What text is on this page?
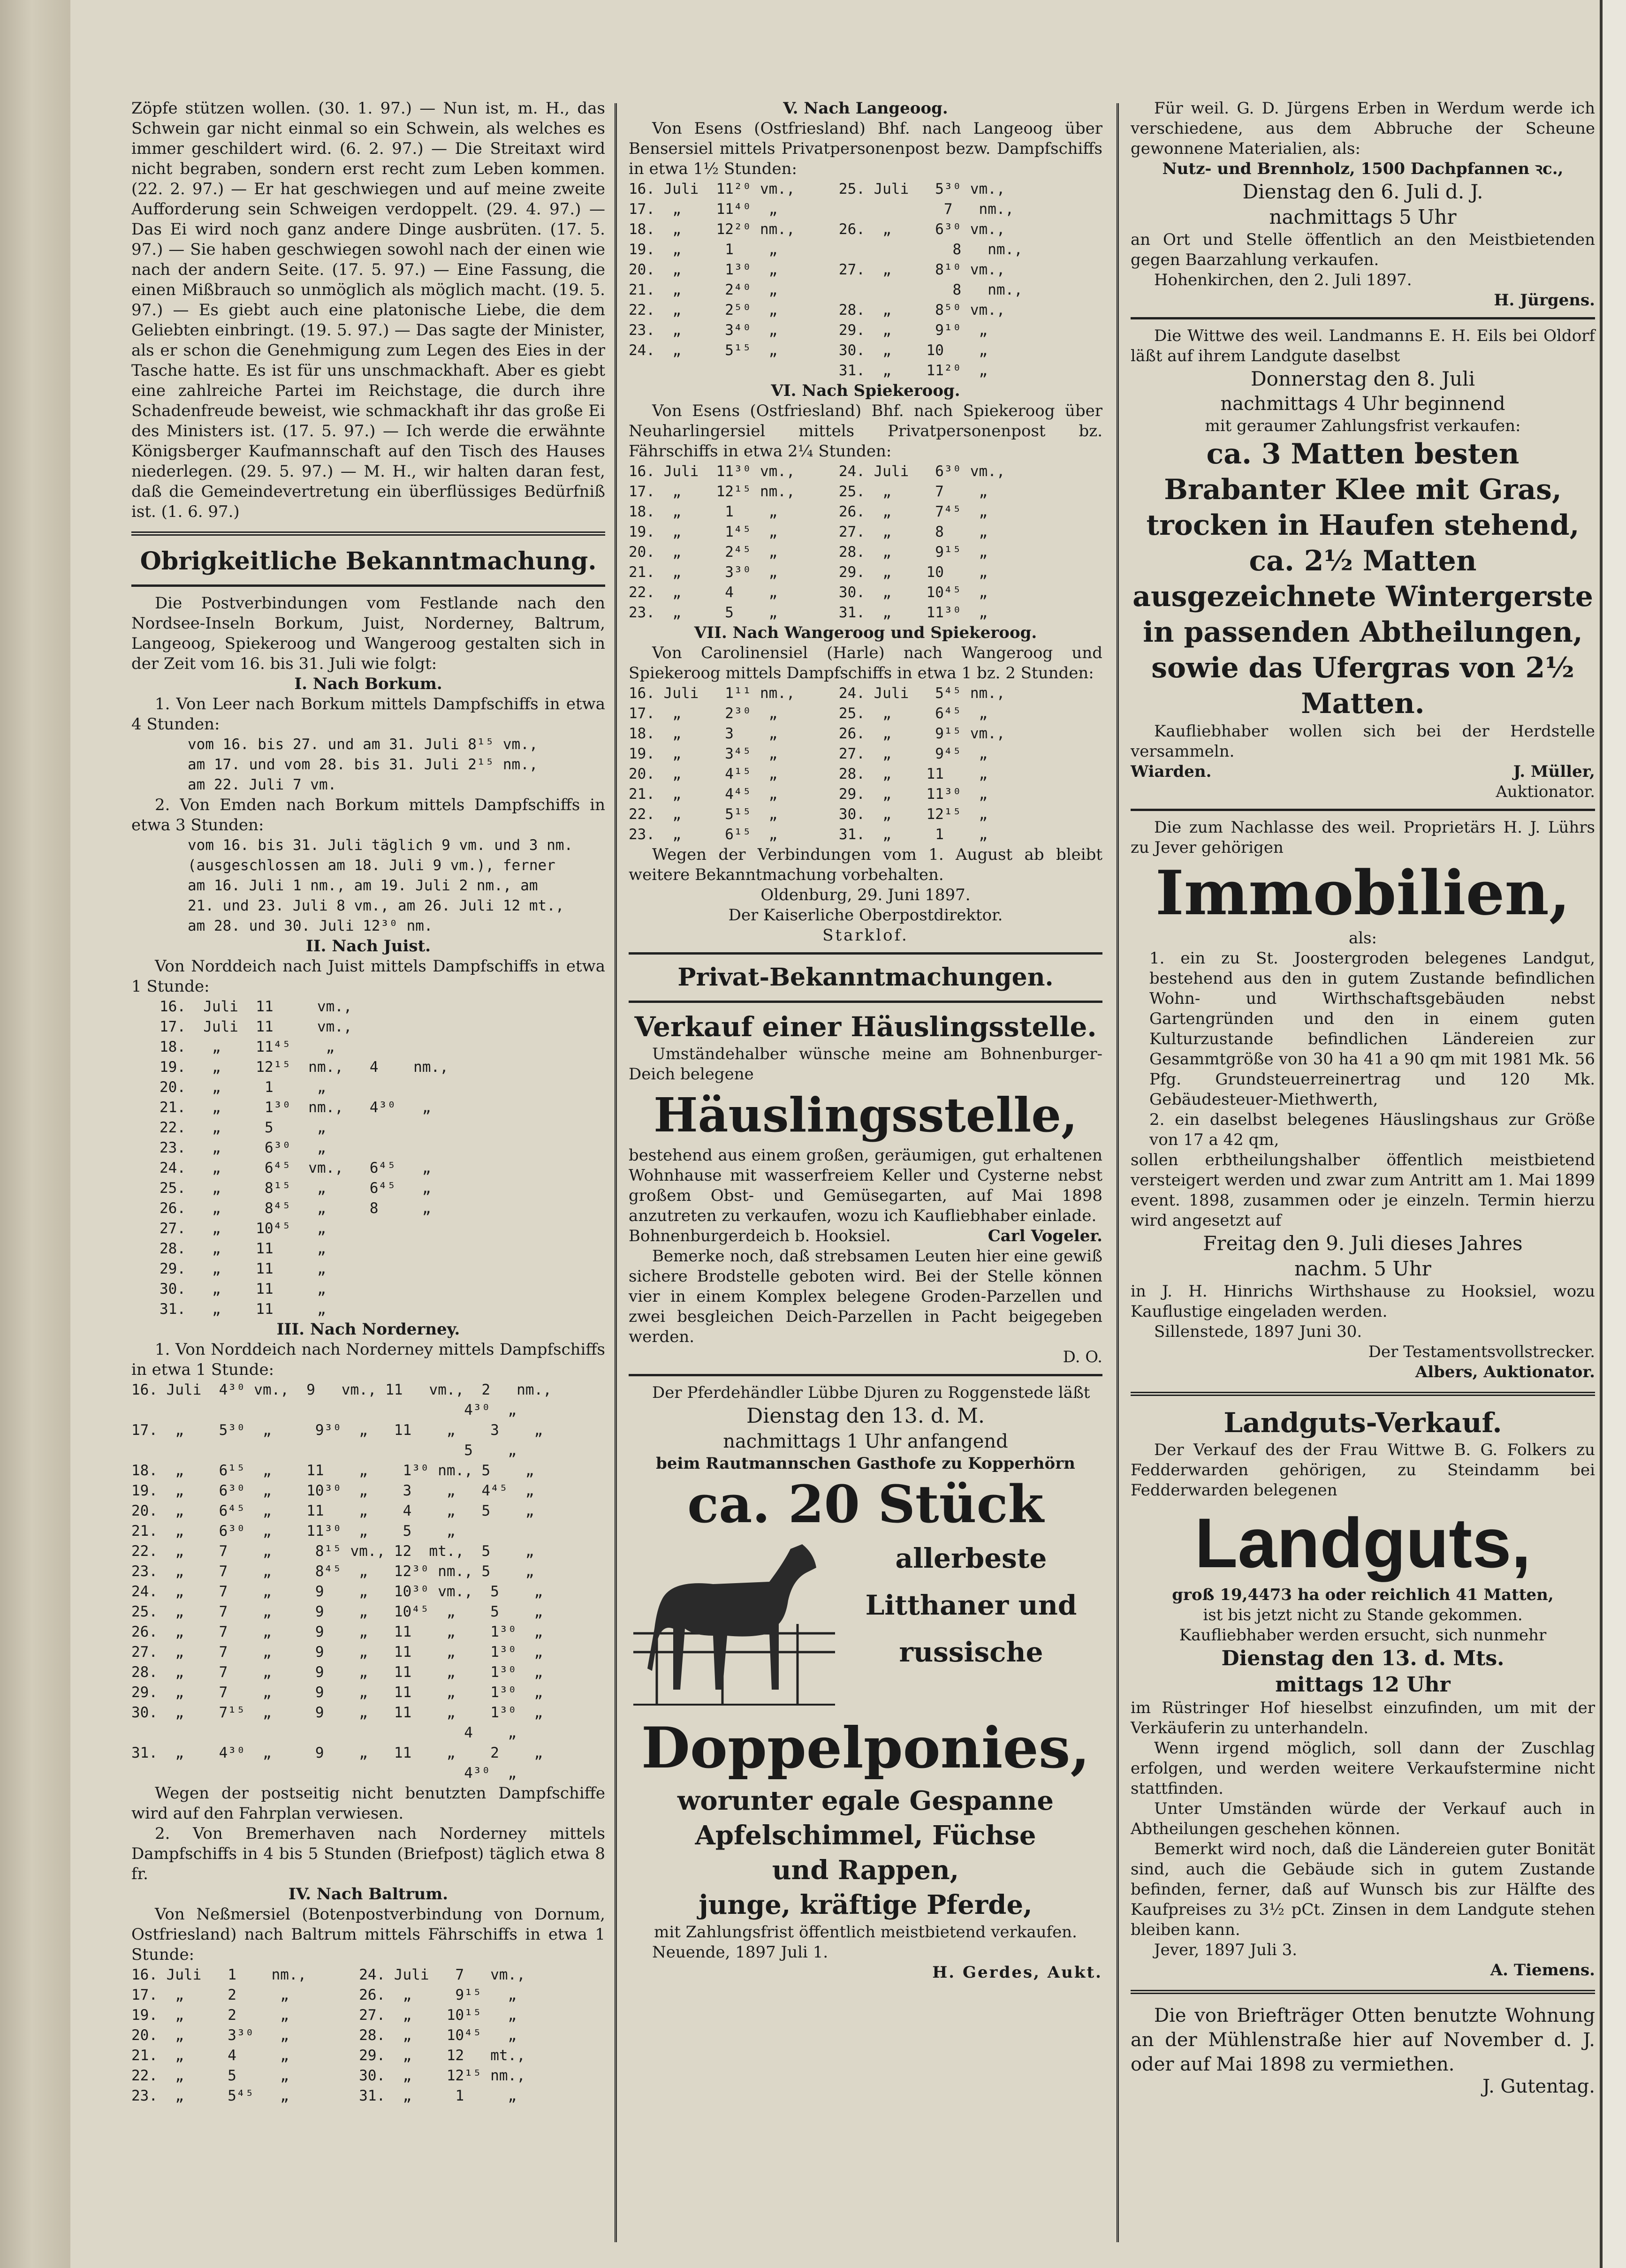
Zöpfe stützen wollen. (30. 1. 97.) — Nun ist, m. H., das Schwein gar nicht einmal so ein Schwein, als welches es immer geschildert wird. (6. 2. 97.) — Die Streitaxt wird nicht begraben, sondern erst recht zum Leben kommen. (22. 2. 97.) — Er hat geschwiegen und auf meine zweite Aufforderung sein Schweigen verdoppelt. (29. 4. 97.) — Das Ei wird noch ganz andere Dinge ausbrüten. (17. 5. 97.) — Sie haben geschwiegen sowohl nach der einen wie nach der andern Seite. (17. 5. 97.) — Eine Fassung, die einen Mißbrauch so unmöglich als möglich macht. (19. 5. 97.) — Es giebt auch eine platonische Liebe, die dem Geliebten einbringt. (19. 5. 97.) — Das sagte der Minister, als er schon die Genehmigung zum Legen des Eies in der Tasche hatte. Es ist für uns unschmackhaft. Aber es giebt eine zahlreiche Partei im Reichstage, die durch ihre Schadenfreude beweist, wie schmackhaft ihr das große Ei des Ministers ist. (17. 5. 97.) — Ich werde die erwähnte Königsberger Kaufmannschaft auf den Tisch des Hauses niederlegen. (29. 5. 97.) — M. H., wir halten daran fest, daß die Gemeindevertretung ein überflüssiges Bedürfniß ist. (1. 6. 97.)

Obrigkeitliche Bekanntmachung.

Die Postverbindungen vom Festlande nach den Nordsee-Inseln Borkum, Juist, Norderney, Baltrum, Langeoog, Spiekeroog und Wangeroog gestalten sich in der Zeit vom 16. bis 31. Juli wie folgt:

I. Nach Borkum.

1. Von Leer nach Borkum mittels Dampfschiffs in etwa 4 Stunden:

vom 16. bis 27. und am 31. Juli 8¹⁵ vm.,
am 17. und vom 28. bis 31. Juli 2¹⁵ nm.,
am 22. Juli 7 vm.

2. Von Emden nach Borkum mittels Dampfschiffs in etwa 3 Stunden:

vom 16. bis 31. Juli täglich 9 vm. und 3 nm.
(ausgeschlossen am 18. Juli 9 vm.), ferner
am 16. Juli 1 nm., am 19. Juli 2 nm., am
21. und 23. Juli 8 vm., am 26. Juli 12 mt.,
am 28. und 30. Juli 12³⁰ nm.

II. Nach Juist.

Von Norddeich nach Juist mittels Dampfschiffs in etwa 1 Stunde:

16.  Juli  11     vm.,
17.  Juli  11     vm.,
18.   „    11⁴⁵    „
19.   „    12¹⁵  nm.,   4    nm.,
20.   „     1     „
21.   „     1³⁰  nm.,   4³⁰   „
22.   „     5     „
23.   „     6³⁰   „
24.   „     6⁴⁵  vm.,   6⁴⁵   „
25.   „     8¹⁵   „     6⁴⁵   „
26.   „     8⁴⁵   „     8     „
27.   „    10⁴⁵   „
28.   „    11     „
29.   „    11     „
30.   „    11     „
31.   „    11     „

III. Nach Norderney.

1. Von Norddeich nach Norderney mittels Dampfschiffs in etwa 1 Stunde:

16. Juli  4³⁰ vm.,  9   vm., 11   vm.,  2   nm.,
4³⁰  „
17.  „    5³⁰  „     9³⁰  „   11    „    3    „
5    „
18.  „    6¹⁵  „    11    „    1³⁰ nm., 5    „
19.  „    6³⁰  „    10³⁰  „    3    „   4⁴⁵  „
20.  „    6⁴⁵  „    11    „    4    „   5    „
21.  „    6³⁰  „    11³⁰  „    5    „
22.  „    7    „     8¹⁵ vm., 12  mt.,  5    „
23.  „    7    „     8⁴⁵  „   12³⁰ nm., 5    „
24.  „    7    „     9    „   10³⁰ vm.,  5    „
25.  „    7    „     9    „   10⁴⁵  „    5    „
26.  „    7    „     9    „   11    „    1³⁰  „
27.  „    7    „     9    „   11    „    1³⁰  „
28.  „    7    „     9    „   11    „    1³⁰  „
29.  „    7    „     9    „   11    „    1³⁰  „
30.  „    7¹⁵  „     9    „   11    „    1³⁰  „
4    „
31.  „    4³⁰  „     9    „   11    „    2    „
4³⁰  „

Wegen der postseitig nicht benutzten Dampfschiffe wird auf den Fahrplan verwiesen.

2. Von Bremerhaven nach Norderney mittels Dampfschiffs in 4 bis 5 Stunden (Briefpost) täglich etwa 8 fr.

IV. Nach Baltrum.

Von Neßmersiel (Botenpostverbindung von Dornum, Ostfriesland) nach Baltrum mittels Fährschiffs in etwa 1 Stunde:

16. Juli   1    nm.,      24. Juli   7   vm.,
17.  „     2     „        26.  „     9¹⁵   „
19.  „     2     „        27.  „    10¹⁵   „
20.  „     3³⁰   „        28.  „    10⁴⁵   „
21.  „     4     „        29.  „    12   mt.,
22.  „     5     „        30.  „    12¹⁵ nm.,
23.  „     5⁴⁵   „        31.  „     1     „

V. Nach Langeoog.

Von Esens (Ostfriesland) Bhf. nach Langeoog über Bensersiel mittels Privatpersonenpost bezw. Dampfschiffs in etwa 1½ Stunden:

16. Juli  11²⁰ vm.,     25. Juli   5³⁰ vm.,
17.  „    11⁴⁰  „                   7   nm.,
18.  „    12²⁰ nm.,     26.  „     6³⁰ vm.,
19.  „     1    „                    8   nm.,
20.  „     1³⁰  „       27.  „     8¹⁰ vm.,
21.  „     2⁴⁰  „                    8   nm.,
22.  „     2⁵⁰  „       28.  „     8⁵⁰ vm.,
23.  „     3⁴⁰  „       29.  „     9¹⁰  „
24.  „     5¹⁵  „       30.  „    10    „
31.  „    11²⁰  „

VI. Nach Spiekeroog.

Von Esens (Ostfriesland) Bhf. nach Spiekeroog über Neuharlingersiel mittels Privatpersonenpost bz. Fährschiffs in etwa 2¼ Stunden:

16. Juli  11³⁰ vm.,     24. Juli   6³⁰ vm.,
17.  „    12¹⁵ nm.,     25.  „     7    „
18.  „     1    „       26.  „     7⁴⁵  „
19.  „     1⁴⁵  „       27.  „     8    „
20.  „     2⁴⁵  „       28.  „     9¹⁵  „
21.  „     3³⁰  „       29.  „    10    „
22.  „     4    „       30.  „    10⁴⁵  „
23.  „     5    „       31.  „    11³⁰  „

VII. Nach Wangeroog und Spiekeroog.

Von Carolinensiel (Harle) nach Wangeroog und Spiekeroog mittels Dampfschiffs in etwa 1 bz. 2 Stunden:

16. Juli   1¹¹ nm.,     24. Juli   5⁴⁵ nm.,
17.  „     2³⁰  „       25.  „     6⁴⁵  „
18.  „     3    „       26.  „     9¹⁵ vm.,
19.  „     3⁴⁵  „       27.  „     9⁴⁵  „
20.  „     4¹⁵  „       28.  „    11    „
21.  „     4⁴⁵  „       29.  „    11³⁰  „
22.  „     5¹⁵  „       30.  „    12¹⁵  „
23.  „     6¹⁵  „       31.  „     1    „

Wegen der Verbindungen vom 1. August ab bleibt weitere Bekanntmachung vorbehalten.

Oldenburg, 29. Juni 1897.
Der Kaiserliche Oberpostdirektor.
Starklof.
Privat-Bekanntmachungen.
Verkauf einer Häuslingsstelle.

Umständehalber wünsche meine am Bohnenburger-Deich belegene

Häuslingsstelle,

bestehend aus einem großen, geräumigen, gut erhaltenen Wohnhause mit wasserfreiem Keller und Cysterne nebst großem Obst- und Gemüsegarten, auf Mai 1898 anzutreten zu verkaufen, wozu ich Kaufliebhaber einlade.

Bohnenburgerdeich b. Hooksiel.	Carl Vogeler.

Bemerke noch, daß strebsamen Leuten hier eine gewiß sichere Brodstelle geboten wird. Bei der Stelle können vier in einem Komplex belegene Groden-Parzellen und zwei besgleichen Deich-Parzellen in Pacht beigegeben werden.

D. O.

Der Pferdehändler Lübbe Djuren zu Roggenstede läßt

Dienstag den 13. d. M.
nachmittags 1 Uhr anfangend
beim Rautmannschen Gasthofe zu Kopperhörn
ca. 20 Stück
allerbeste
Litthaner und
russische
Doppelponies,
worunter egale Gespanne
Apfelschimmel, Füchse
und Rappen,
junge, kräftige Pferde,

mit Zahlungsfrist öffentlich meistbietend verkaufen.

Neuende, 1897 Juli 1.
H. Gerdes, Aukt.

Für weil. G. D. Jürgens Erben in Werdum werde ich verschiedene, aus dem Abbruche der Scheune gewonnene Materialien, als:

Nutz- und Brennholz, 1500 Dachpfannen ꝛc.,

Dienstag den 6. Juli d. J.
nachmittags 5 Uhr

an Ort und Stelle öffentlich an den Meistbietenden gegen Baarzahlung verkaufen.

Hohenkirchen, den 2. Juli 1897.
H. Jürgens.

Die Wittwe des weil. Landmanns E. H. Eils bei Oldorf läßt auf ihrem Landgute daselbst

Donnerstag den 8. Juli
nachmittags 4 Uhr beginnend

mit geraumer Zahlungsfrist verkaufen:

ca. 3 Matten besten Brabanter Klee mit Gras, trocken in Haufen stehend, ca. 2½ Matten ausgezeichnete Wintergerste in passenden Abtheilungen, sowie das Ufergras von 2½ Matten.

Kaufliebhaber wollen sich bei der Herdstelle versammeln.

Wiarden.	J. Müller,
Auktionator.

Die zum Nachlasse des weil. Proprietärs H. J. Lührs zu Jever gehörigen

Immobilien,
als:

1. ein zu St. Joostergroden belegenes Landgut, bestehend aus den in gutem Zustande befindlichen Wohn- und Wirthschaftsgebäuden nebst Gartengründen und den in einem guten Kulturzustande befindlichen Ländereien zur Gesammtgröße von 30 ha 41 a 90 qm mit 1981 Mk. 56 Pfg. Grundsteuerreinertrag und 120 Mk. Gebäudesteuer-Miethwerth,

2. ein daselbst belegenes Häuslingshaus zur Größe von 17 a 42 qm,

sollen erbtheilungshalber öffentlich meistbietend versteigert werden und zwar zum Antritt am 1. Mai 1899 event. 1898, zusammen oder je einzeln. Termin hierzu wird angesetzt auf

Freitag den 9. Juli dieses Jahres
nachm. 5 Uhr

in J. H. Hinrichs Wirthshause zu Hooksiel, wozu Kauflustige eingeladen werden.

Sillenstede, 1897 Juni 30.
Der Testamentsvollstrecker.
Albers, Auktionator.
Landguts-Verkauf.

Der Verkauf des der Frau Wittwe B. G. Folkers zu Fedderwarden gehörigen, zu Steindamm bei Fedderwarden belegenen

Landguts,
groß 19,4473 ha oder reichlich 41 Matten,
ist bis jetzt nicht zu Stande gekommen.
Kaufliebhaber werden ersucht, sich nunmehr
Dienstag den 13. d. Mts.
mittags 12 Uhr

im Rüstringer Hof hieselbst einzufinden, um mit der Verkäuferin zu unterhandeln.

Wenn irgend möglich, soll dann der Zuschlag erfolgen, und werden weitere Verkaufstermine nicht stattfinden.

Unter Umständen würde der Verkauf auch in Abtheilungen geschehen können.

Bemerkt wird noch, daß die Ländereien guter Bonität sind, auch die Gebäude sich in gutem Zustande befinden, ferner, daß auf Wunsch bis zur Hälfte des Kaufpreises zu 3½ pCt. Zinsen in dem Landgute stehen bleiben kann.

Jever, 1897 Juli 3.
A. Tiemens.

Die von Briefträger Otten benutzte Wohnung an der Mühlenstraße hier auf November d. J. oder auf Mai 1898 zu vermiethen.

J. Gutentag.
